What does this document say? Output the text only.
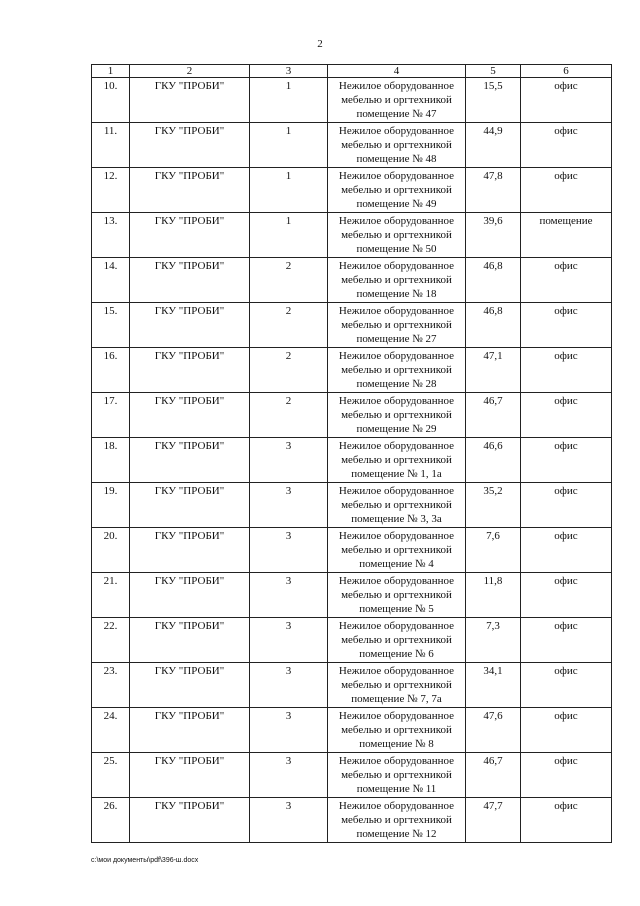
2
1	2	3	4	5	6
10.	ГКУ "ПРОБИ"	1	Нежилое оборудованное мебелью и оргтехникой помещение № 47	15,5	офис
11.	ГКУ "ПРОБИ"	1	Нежилое оборудованное мебелью и оргтехникой помещение № 48	44,9	офис
12.	ГКУ "ПРОБИ"	1	Нежилое оборудованное мебелью и оргтехникой помещение № 49	47,8	офис
13.	ГКУ "ПРОБИ"	1	Нежилое оборудованное мебелью и оргтехникой помещение № 50	39,6	помещение
14.	ГКУ "ПРОБИ"	2	Нежилое оборудованное мебелью и оргтехникой помещение № 18	46,8	офис
15.	ГКУ "ПРОБИ"	2	Нежилое оборудованное мебелью и оргтехникой помещение № 27	46,8	офис
16.	ГКУ "ПРОБИ"	2	Нежилое оборудованное мебелью и оргтехникой помещение № 28	47,1	офис
17.	ГКУ "ПРОБИ"	2	Нежилое оборудованное мебелью и оргтехникой помещение № 29	46,7	офис
18.	ГКУ "ПРОБИ"	3	Нежилое оборудованное мебелью и оргтехникой помещение № 1, 1а	46,6	офис
19.	ГКУ "ПРОБИ"	3	Нежилое оборудованное мебелью и оргтехникой помещение № 3, 3а	35,2	офис
20.	ГКУ "ПРОБИ"	3	Нежилое оборудованное мебелью и оргтехникой помещение № 4	7,6	офис
21.	ГКУ "ПРОБИ"	3	Нежилое оборудованное мебелью и оргтехникой помещение № 5	11,8	офис
22.	ГКУ "ПРОБИ"	3	Нежилое оборудованное мебелью и оргтехникой помещение № 6	7,3	офис
23.	ГКУ "ПРОБИ"	3	Нежилое оборудованное мебелью и оргтехникой помещение № 7, 7а	34,1	офис
24.	ГКУ "ПРОБИ"	3	Нежилое оборудованное мебелью и оргтехникой помещение № 8	47,6	офис
25.	ГКУ "ПРОБИ"	3	Нежилое оборудованное мебелью и оргтехникой помещение № 11	46,7	офис
26.	ГКУ "ПРОБИ"	3	Нежилое оборудованное мебелью и оргтехникой помещение № 12	47,7	офис
c:\мои документы\pdf\396-ш.docx
